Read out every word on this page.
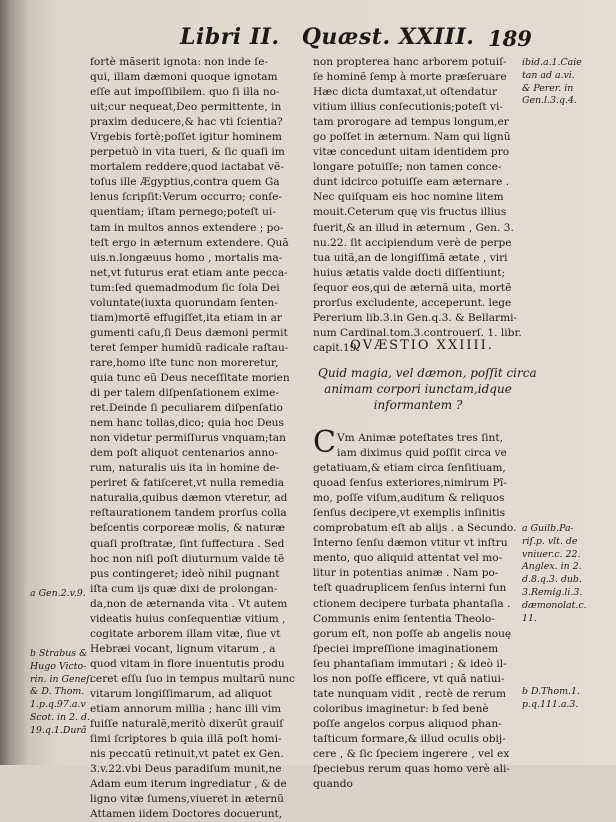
Libri II. Quæst. XXIII. 189
fortè mãserit ignota: non inde ſe-
qui, illam dæmoni quoque ignotam
eſſe aut impoſſibilem. quo ſi illa no-
uit;cur nequeat,Deo permittente, in
praxim deducere,& hac vti ſcientia?
Vrgebis fortè;poſſet igitur hominem
perpetuò in vita tueri, & ſic quaſi im
mortalem reddere,quod iactabat vẽ-
toſus ille Ægyptius,contra quem Ga
lenus ſcripſit:Verum occurro; conſe-
quentiam; iſtam pernego;poteſt ui-
tam in multos annos extendere ; po-
teſt ergo in æternum extendere. Quã
uis.n.longæuus homo , mortalis ma-
net,vt futurus erat etiam ante pecca-
tum:ſed quemadmodum ſic ſola Dei
voluntate(iuxta quorundam ſenten-
tiam)mortẽ effugiſſet,ita etiam in ar
gumenti caſu,ſi Deus dæmoni permit
teret ſemper humidũ radicale raſtau-
rare,homo iſte tunc non moreretur,
quia tunc eũ Deus neceſſitate morien
di per talem diſpenſationem exime-
ret.Deinde ſi peculiarem diſpenſatio
nem hanc tollas,dico; quia hoc Deus
non videtur permiſſurus vnquam;tan
dem poſt aliquot centenarios anno-
rum, naturalis uis ita in homine de-
periret & fatiſceret,vt nulla remedia
naturalia,quibus dæmon vteretur, ad
reſtaurationem tandem prorſus colla
beſcentis corporeæ molis, & naturæ
quaſi proſtratæ, ſint ſuffectura . Sed
hoc non niſi poſt diuturnum valde tẽ
pus contingeret; ideò nihil pugnant
iſta cum ijs quæ dixi de prolongan-
da,non de æternanda vita . Vt autem
videatis huius conſequentiæ vitium ,
cogitate arborem illam vitæ, ſiue vt
Hebræi vocant, lignum vitarum , a
quod vitam in flore inuentutis produ
ceret eſſu ſuo in tempus multarũ nunc
vitarum longiſſimarum, ad aliquot
etiam annorum millia ; hanc illi vim
fuiſſe naturalẽ,meritò dixerũt grauiſ
ſimi ſcriptores b quia illã poſt homi-
nis peccatũ retinuit,vt patet ex Gen.
3.v.22.vbi Deus paradiſum munit,ne
Adam eum iterum ingrediatur , & de
ligno vitæ ſumens,viueret in æternũ
Attamen iidem Doctores docuerunt,
non propterea hanc arborem potuiſ-
ſe hominẽ ſemp à morte præſeruare
Hæc dicta dumtaxat,ut oſtendatur
vitium illius conſecutionis;poteſt vi-
tam prorogare ad tempus longum,er
go poſſet in æternum. Nam qui lignũ
vitæ concedunt uitam identidem pro
longare potuiſſe; non tamen conce-
dunt idcirco potuiſſe eam æternare .
Nec quiſquam eis hoc nomine litem
mouit.Ceterum quę vis fructus illius
fuerit,& an illud in æternum , Gen. 3.
nu.22. ſit accipiendum verè de perpe
tua uitã,an de longiſſimã ætate , viri
huius ætatis valde docti diſſentiunt;
ſequor eos,qui de æternã uita, mortẽ
prorſus excludente, acceperunt. lege
Pererium lib.3.in Gen.q.3. & Bellarmi-
num Cardinal.tom.3.controuerſ. 1. libr.
capit.19.
QVÆSTIO XXIIII.
Quid magia, vel dæmon, poſſit circa
animam corpori iunctam,idque
informantem ?
C Vm Animæ poteſtates tres ſint,
iam diximus quid poſſit circa ve
getatiuam,& etiam circa ſenſitiuam,
quoad ſenſus exteriores,nimirum Pĩ-
mo, poſſe viſum,auditum & reliquos
ſenſus decipere,vt exemplis inſinitis
comprobatum eſt ab alijs . a Secundo.
Interno ſenſu dæmon vtitur vt inſtru
mento, quo aliquid attentat vel mo-
litur in potentias animæ . Nam po-
teſt quadruplicem ſenſus interni fun
ctionem decipere turbata phantaſia .
Communis enim ſententia Theolo-
gorum eſt, non poſſe ab angelis nouę
ſpeciei impreſſione imaginationem
ſeu phantaſiam immutari ; & ideò il-
los non poſſe efficere, vt quã natiui-
tate nunquam vidit , rectè de rerum
coloribus imaginetur: b ſed benè
poſſe angelos corpus aliquod phan-
taſticum formare,& illud oculis obij-
cere , & ſic ſpeciem ingerere , vel ex
ſpeciebus rerum quas homo verè ali-
quando
ibid.a.1.Caie
tan ad a.vi.
& Perer. in
Gen.l.3.q.4.
a Guilb.Pa-
riſ.p. vlt. de
vniuer.c. 22.
Anglex. in 2.
d.8.q.3. dub.
3.Remig.li.3.
dæmonolat.c.
11.
b D.Thom.1.
p.q.111.a.3.
a Gen.2.v.9.
b Strabus &
Hugo Victo-
rin. in Geneſ.
& D. Thom.
1.p.q.97.a.v
Scot. in 2. d.
19.q.1.Durã
